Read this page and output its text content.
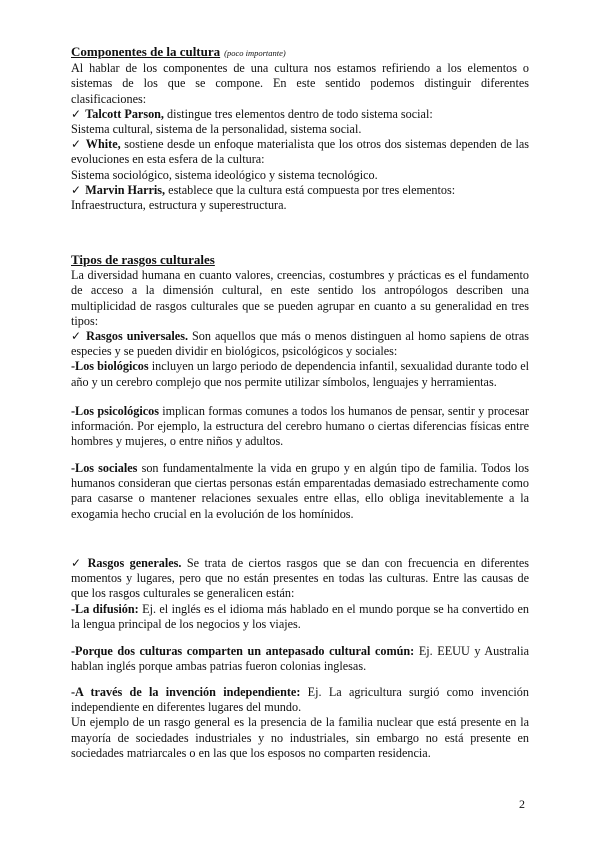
Componentes de la cultura (poco importante)

Al hablar de los componentes de una cultura nos estamos refiriendo a los elementos o sistemas de los que se compone. En este sentido podemos distinguir diferentes clasificaciones:

✓ Talcott Parson, distingue tres elementos dentro de todo sistema social:

Sistema cultural, sistema de la personalidad, sistema social.

✓ White, sostiene desde un enfoque materialista que los otros dos sistemas dependen de las evoluciones en esta esfera de la cultura:

Sistema sociológico, sistema ideológico y sistema tecnológico.

✓ Marvin Harris, establece que la cultura está compuesta por tres elementos:

Infraestructura, estructura y superestructura.

Tipos de rasgos culturales

La diversidad humana en cuanto valores, creencias, costumbres y prácticas es el fundamento de acceso a la dimensión cultural, en este sentido los antropólogos describen una multiplicidad de rasgos culturales que se pueden agrupar en cuanto a su generalidad en tres tipos:

✓ Rasgos universales. Son aquellos que más o menos distinguen al homo sapiens de otras especies y se pueden dividir en biológicos, psicológicos y sociales:

-Los biológicos incluyen un largo periodo de dependencia infantil, sexualidad durante todo el año y un cerebro complejo que nos permite utilizar símbolos, lenguajes y herramientas.

-Los psicológicos implican formas comunes a todos los humanos de pensar, sentir y procesar información. Por ejemplo, la estructura del cerebro humano o ciertas diferencias físicas entre hombres y mujeres, o entre niños y adultos.

-Los sociales son fundamentalmente la vida en grupo y en algún tipo de familia. Todos los humanos consideran que ciertas personas están emparentadas demasiado estrechamente como para casarse o mantener relaciones sexuales entre ellas, ello obliga inevitablemente a la exogamia hecho crucial en la evolución de los homínidos.

✓ Rasgos generales. Se trata de ciertos rasgos que se dan con frecuencia en diferentes momentos y lugares, pero que no están presentes en todas las culturas. Entre las causas de que los rasgos culturales se generalicen están:

-La difusión: Ej. el inglés es el idioma más hablado en el mundo porque se ha convertido en la lengua principal de los negocios y los viajes.

-Porque dos culturas comparten un antepasado cultural común: Ej. EEUU y Australia hablan inglés porque ambas patrias fueron colonias inglesas.

-A través de la invención independiente: Ej. La agricultura surgió como invención independiente en diferentes lugares del mundo.

Un ejemplo de un rasgo general es la presencia de la familia nuclear que está presente en la mayoría de sociedades industriales y no industriales, sin embargo no está presente en sociedades matriarcales o en las que los esposos no comparten residencia.

2
